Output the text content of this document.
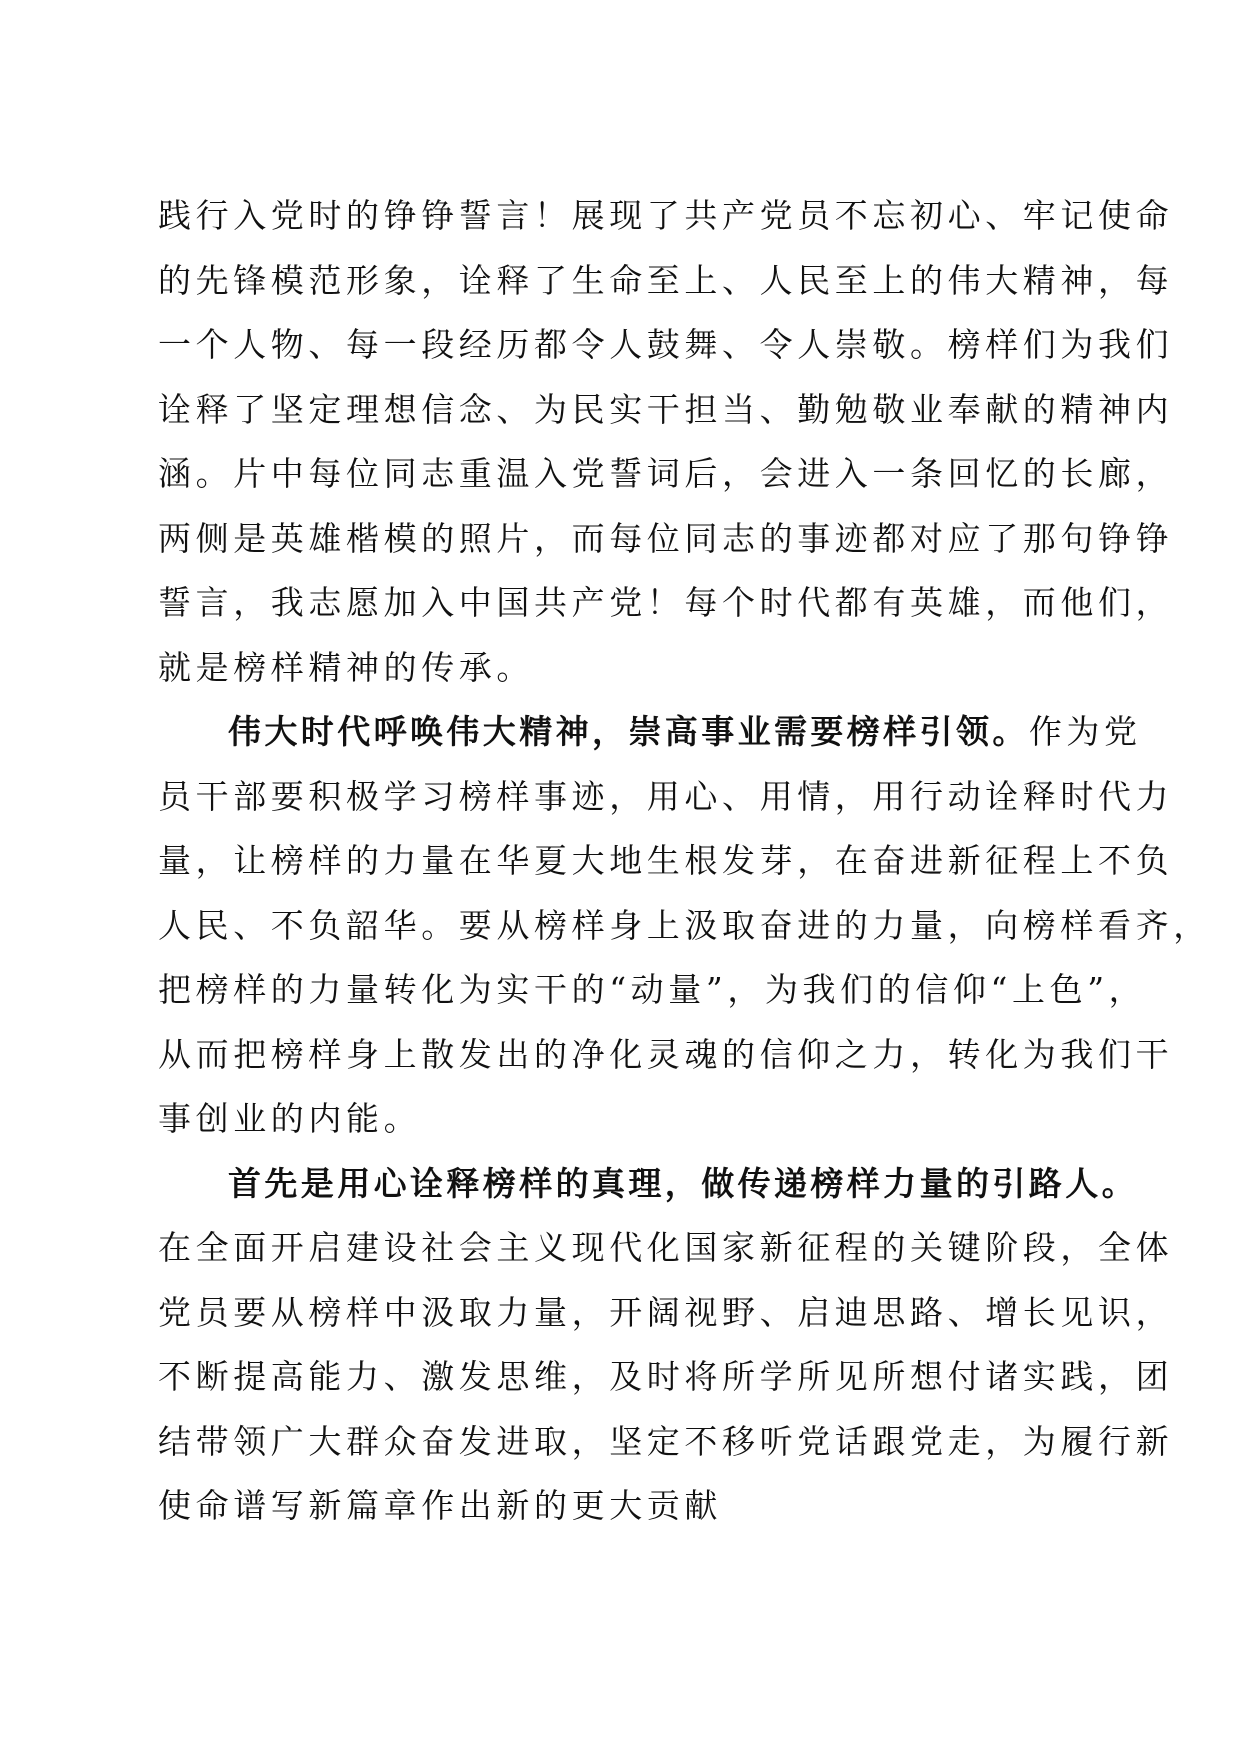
践行入党时的铮铮誓言！展现了共产党员不忘初心、牢记使命
的先锋模范形象，诠释了生命至上、人民至上的伟大精神，每
一个人物、每一段经历都令人鼓舞、令人崇敬。榜样们为我们
诠释了坚定理想信念、为民实干担当、勤勉敬业奉献的精神内
涵。片中每位同志重温入党誓词后，会进入一条回忆的长廊，
两侧是英雄楷模的照片，而每位同志的事迹都对应了那句铮铮
誓言，我志愿加入中国共产党！每个时代都有英雄，而他们，
就是榜样精神的传承。
伟大时代呼唤伟大精神，崇高事业需要榜样引领。作为党
员干部要积极学习榜样事迹，用心、用情，用行动诠释时代力
量，让榜样的力量在华夏大地生根发芽，在奋进新征程上不负
人民、不负韶华。要从榜样身上汲取奋进的力量，向榜样看齐，
把榜样的力量转化为实干的“动量”，为我们的信仰“上色”，
从而把榜样身上散发出的净化灵魂的信仰之力，转化为我们干
事创业的内能。
首先是用心诠释榜样的真理，做传递榜样力量的引路人。
在全面开启建设社会主义现代化国家新征程的关键阶段，全体
党员要从榜样中汲取力量，开阔视野、启迪思路、增长见识，
不断提高能力、激发思维，及时将所学所见所想付诸实践，团
结带领广大群众奋发进取，坚定不移听党话跟党走，为履行新
使命谱写新篇章作出新的更大贡献
